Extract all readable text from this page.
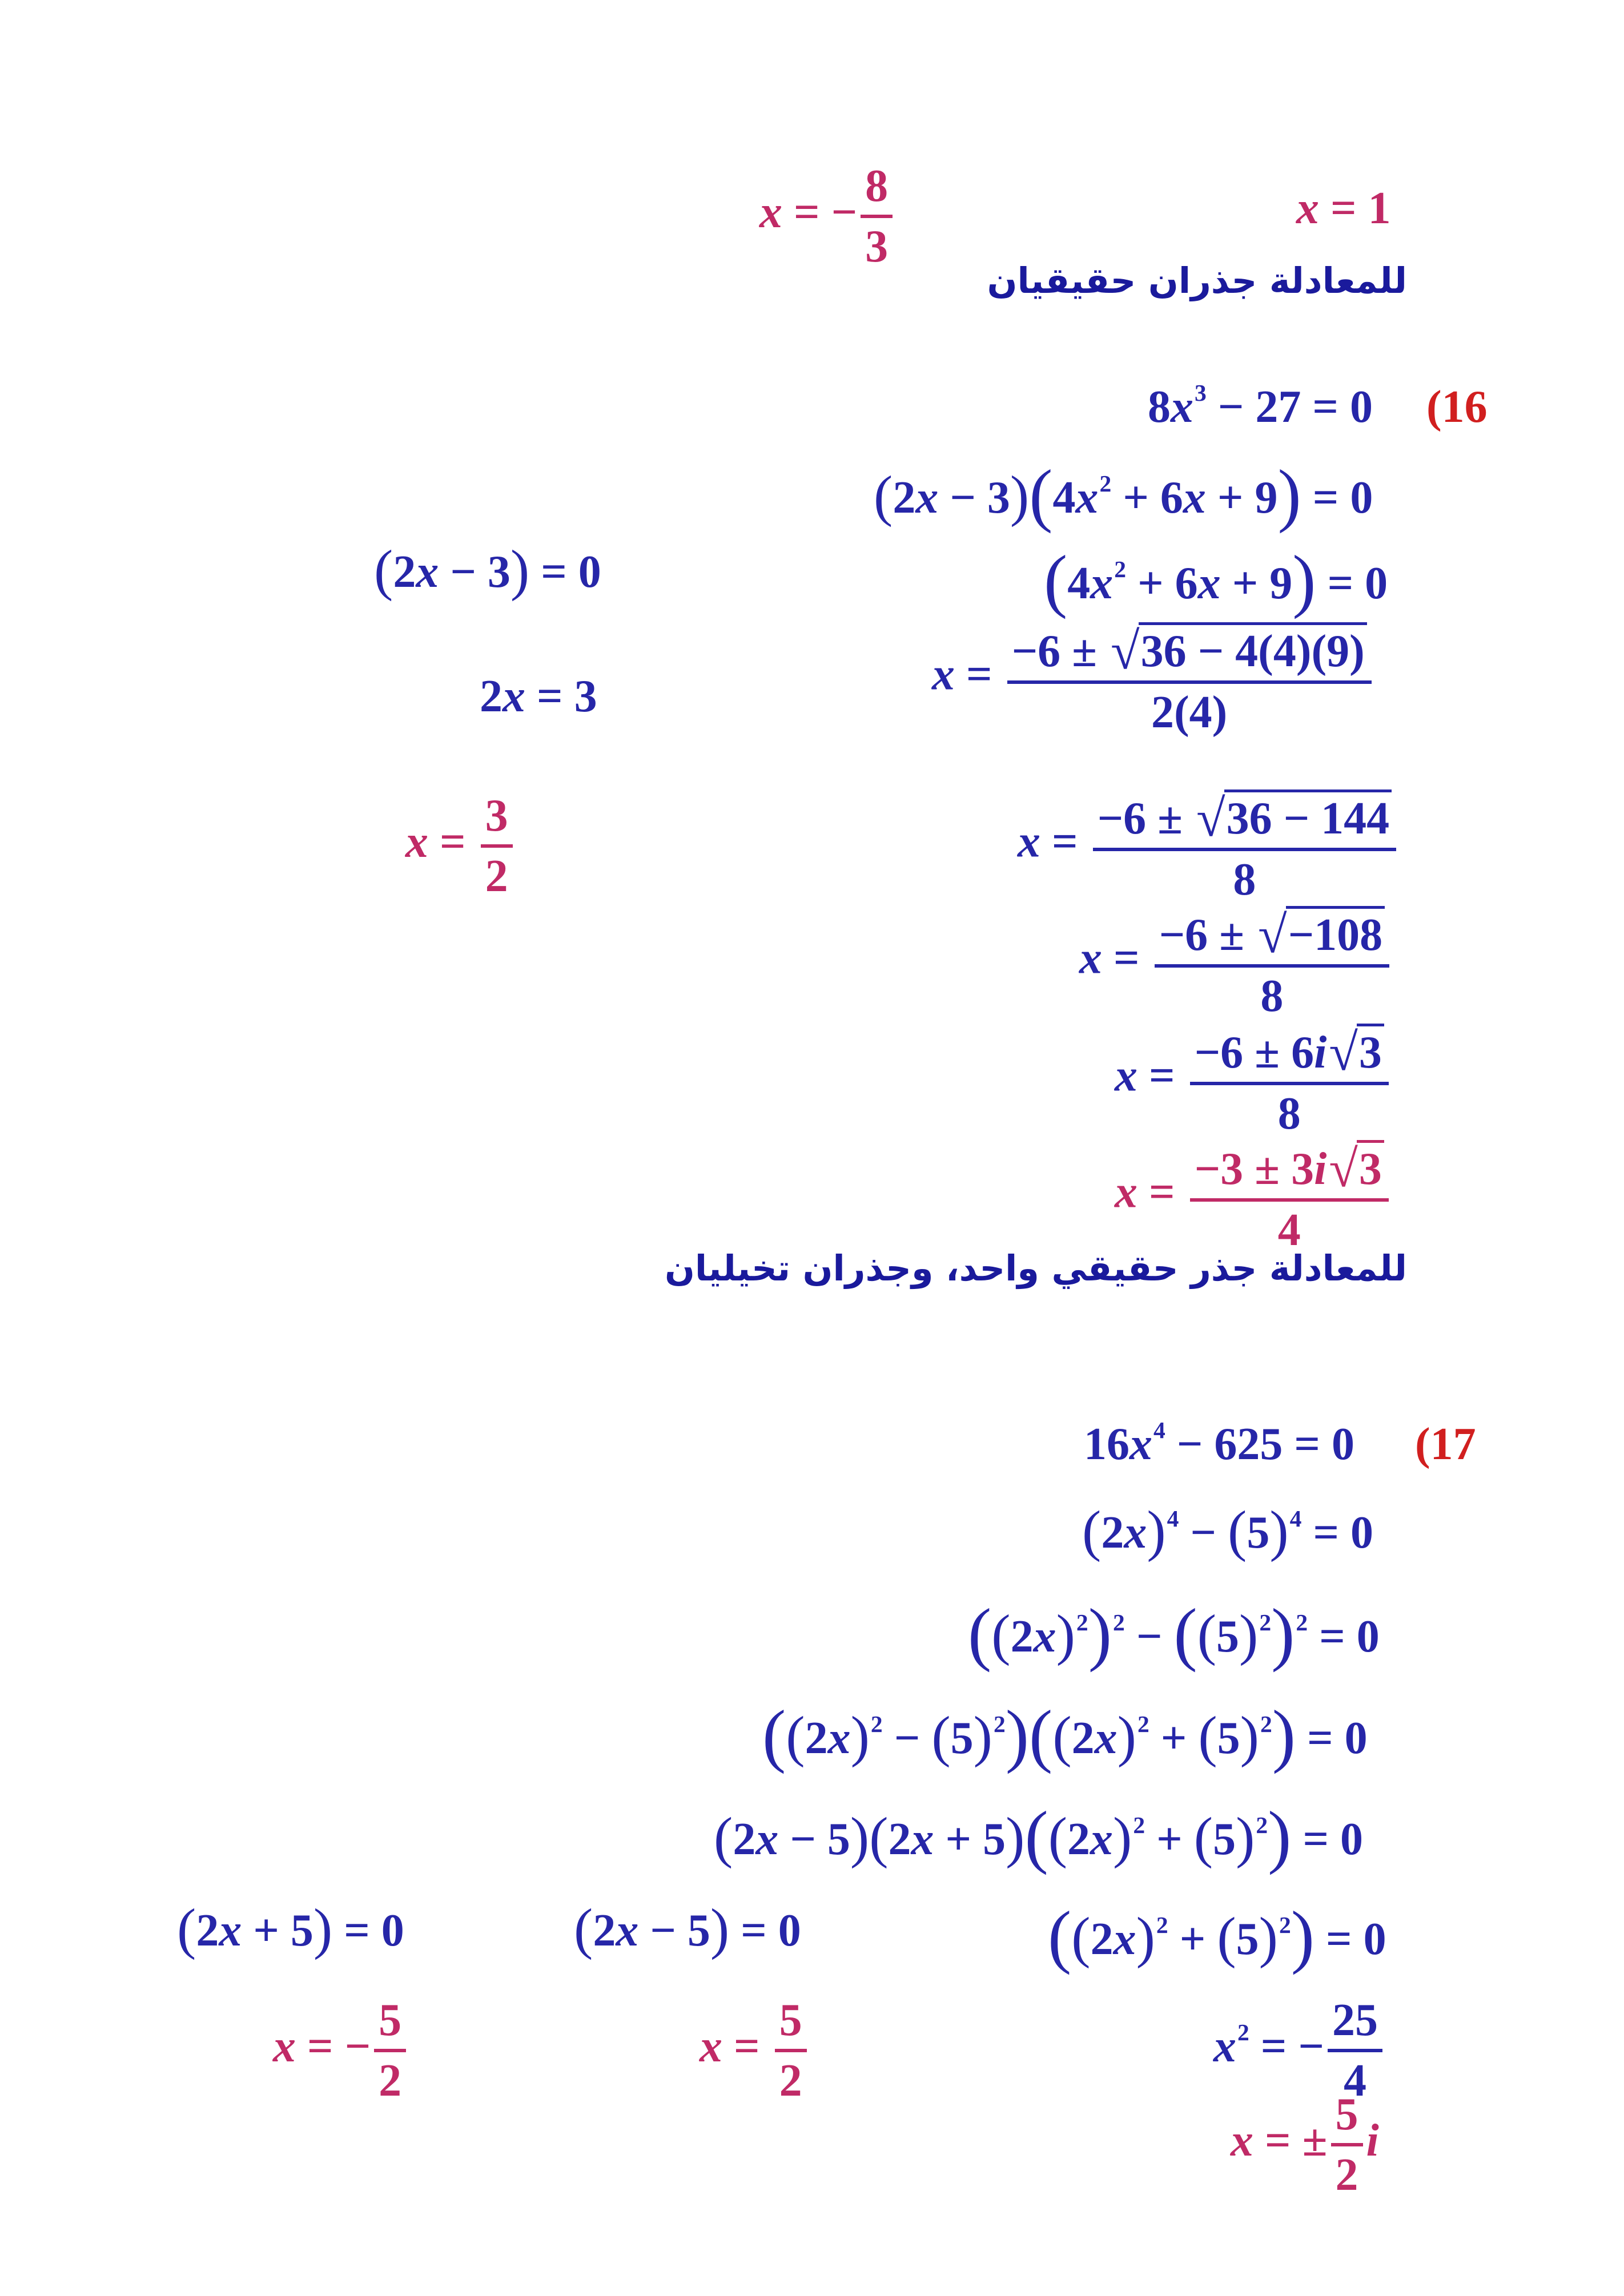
x = − $\frac{8}{3}$	x = 1
للمعادلة جذران حقيقيان
(16
$8x^3 - 27 = 0$
$(2x - 3)(4x^2 + 6x + 9) = 0$
(2x − 3) = 0	$(4x^2 + 6x + 9) = 0$
2x = 3
$x = \frac{3}{2}$
$x = \frac{-6 \pm √36 - 4(4)(9)}{2(4)}$
$x = \frac{-6 \pm √36 - 144}{8}$
$x = \frac{-6 \pm √-108}{8}$
$x = \frac{-6 \pm 6i√3}{8}$
$x = \frac{-3 \pm 3i√3}{4}$
للمعادلة جذر حقيقي واحد، وجذران تخيليان
(17
$16x^4 - 625 = 0$
$(2x)^4 - (5)^4 = 0$
$((2x)^2)^2 - ((5)^2)^2 = 0$
$((2x)^2 - (5)^2)((2x)^2 + (5)^2) = 0$
$(2x - 5)(2x + 5)((2x)^2 + (5)^2) = 0$
(2x + 5) = 0	(2x − 5) = 0	$((2x)^2 + (5)^2) = 0$
x = − $\frac{5}{2}$	$x = \frac{5}{2}$	$x^2$ = − $\frac{25}{4}$
x = ± $\frac{5}{2}$ i
